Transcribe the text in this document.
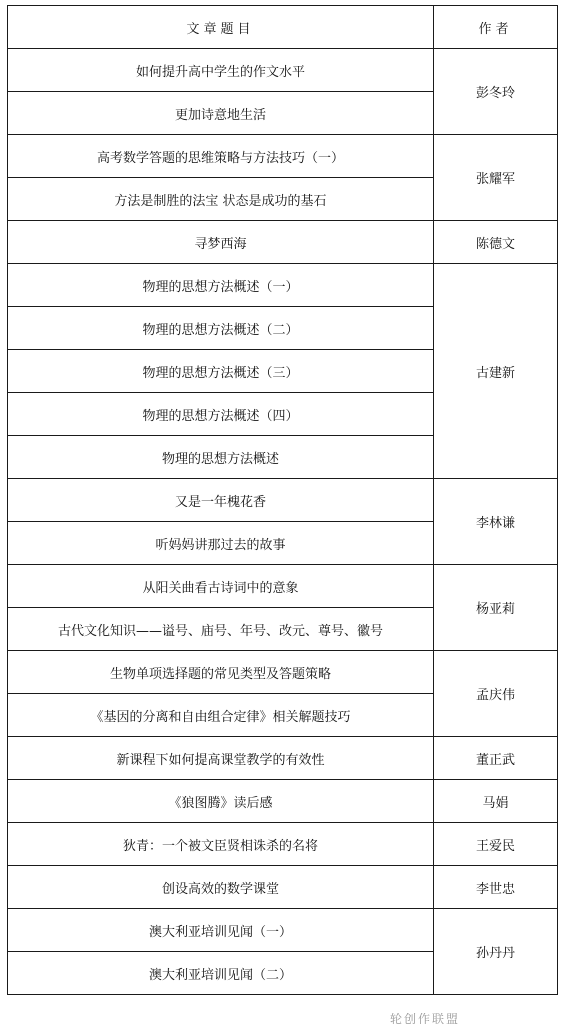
文章题目	作者
如何提升高中学生的作文水平	彭冬玲
更加诗意地生活	
高考数学答题的思维策略与方法技巧（一）	张耀军
方法是制胜的法宝 状态是成功的基石	
寻梦西海	陈德文
物理的思想方法概述（一）	古建新
物理的思想方法概述（二）	
物理的思想方法概述（三）	
物理的思想方法概述（四）	
物理的思想方法概述	
又是一年槐花香	李林谦
听妈妈讲那过去的故事	
从阳关曲看古诗词中的意象	杨亚莉
古代文化知识——谥号、庙号、年号、改元、尊号、徽号	
生物单项选择题的常见类型及答题策略	孟庆伟
《基因的分离和自由组合定律》相关解题技巧	
新课程下如何提高课堂教学的有效性	董正武
《狼图腾》读后感	马娟
狄青：一个被文臣贤相诛杀的名将	王爱民
创设高效的数学课堂	李世忠
澳大利亚培训见闻（一）	孙丹丹
澳大利亚培训见闻（二）	
轮创作联盟
